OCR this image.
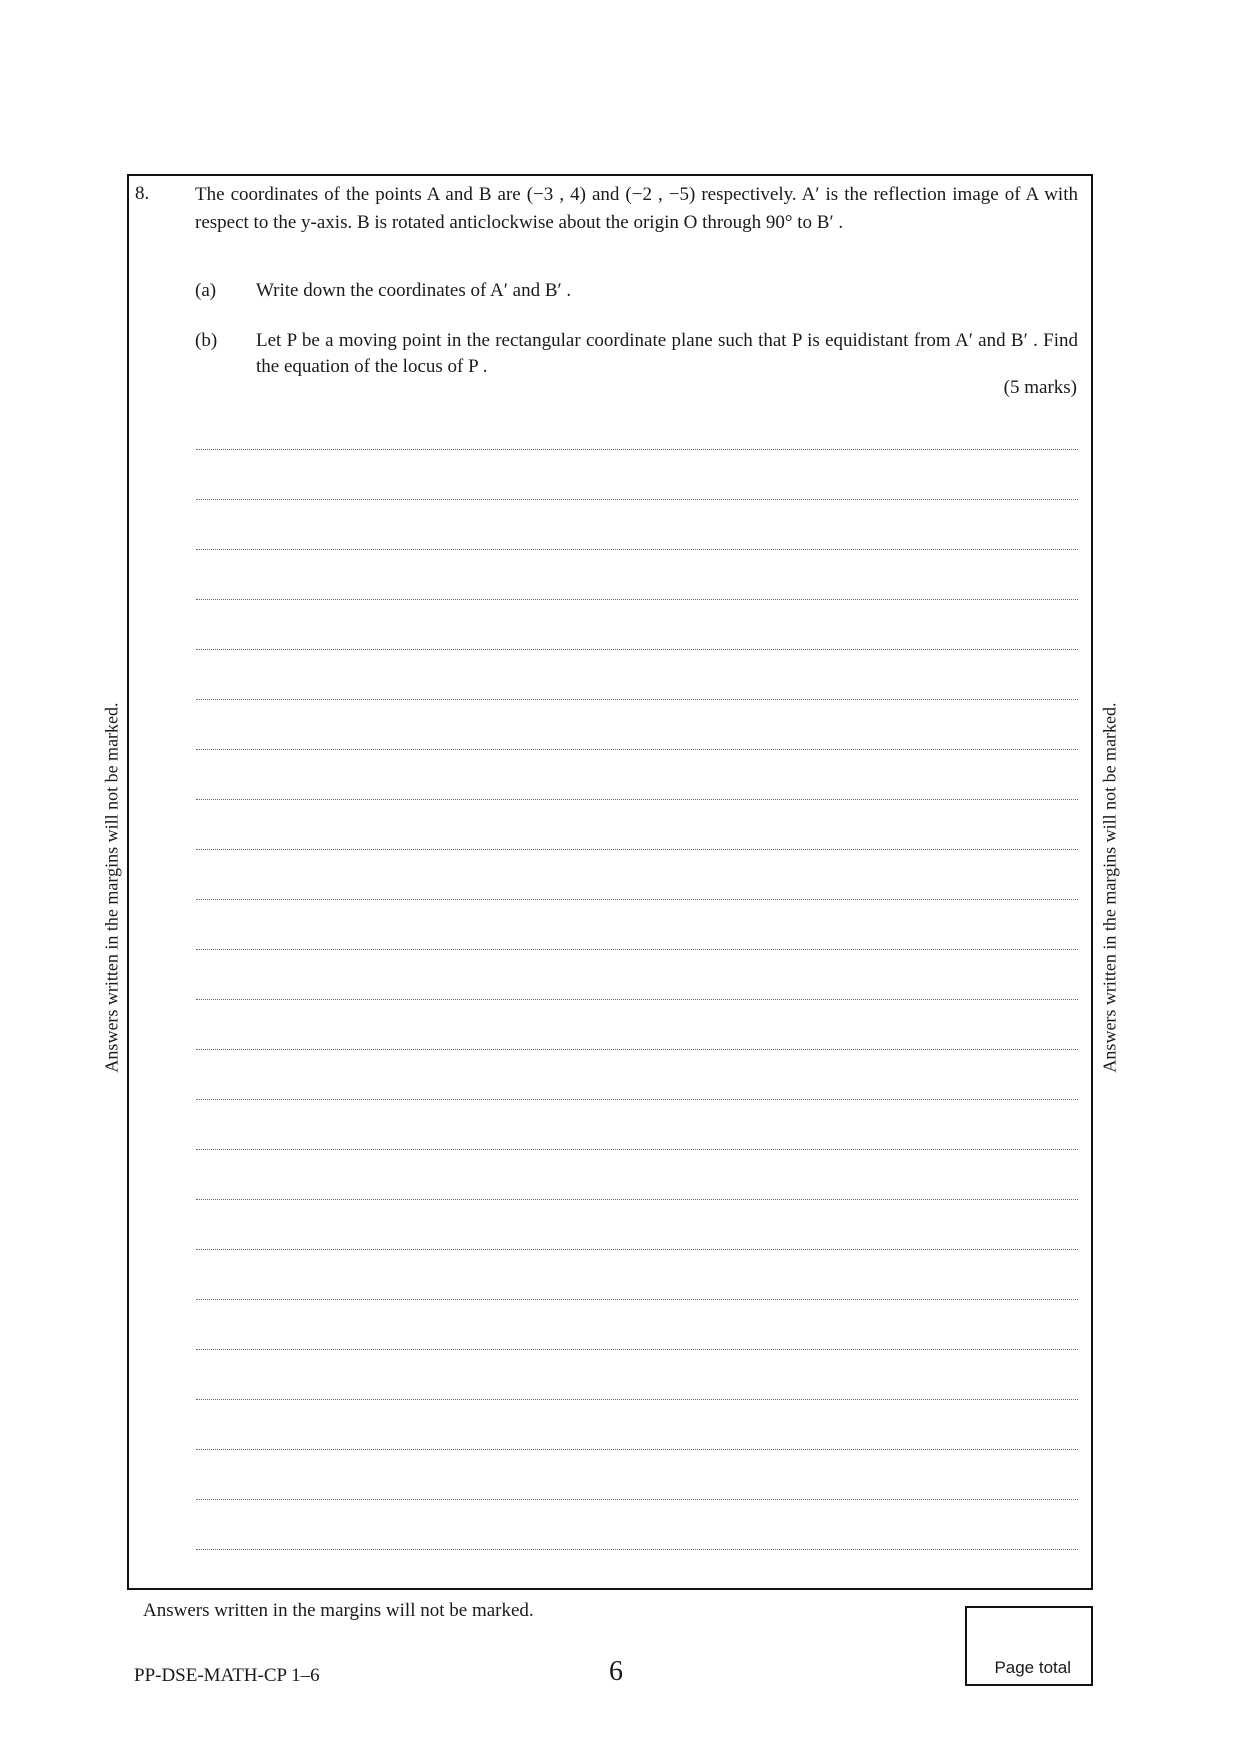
8. The coordinates of the points A and B are (−3 , 4) and (−2 , −5) respectively. A′ is the reflection image of A with respect to the y-axis. B is rotated anticlockwise about the origin O through 90° to B′ .
(a) Write down the coordinates of A′ and B′ .
(b) Let P be a moving point in the rectangular coordinate plane such that P is equidistant from A′ and B′ . Find the equation of the locus of P .
(5 marks)
Answers written in the margins will not be marked.	Answers written in the margins will not be marked.
Answers written in the margins will not be marked.
PP-DSE-MATH-CP 1–6	6	Page total
